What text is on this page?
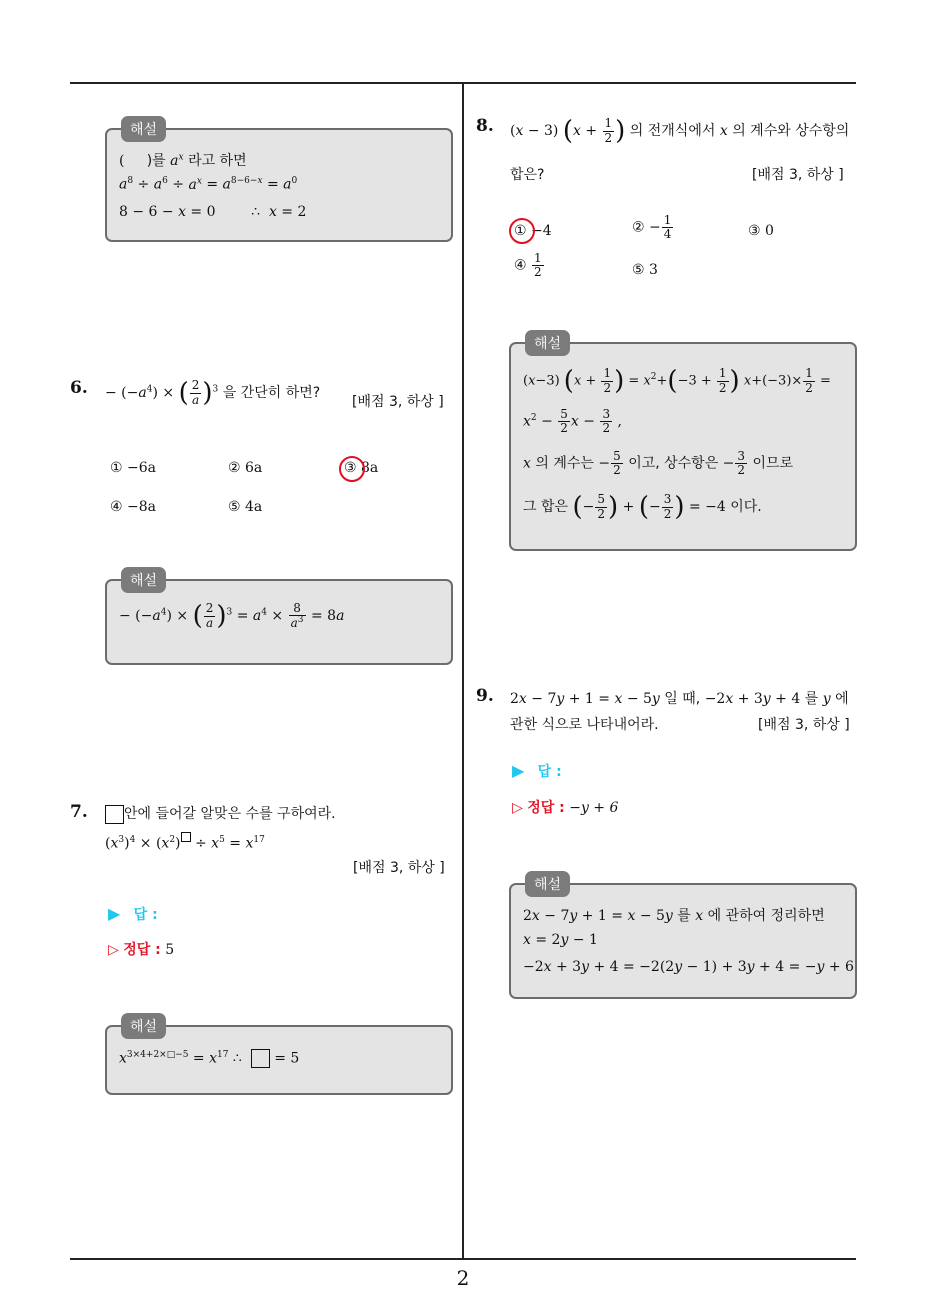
해설
(     )를 $a^x$ 라고 하면
$a^8 \div a^6 \div a^x = a^{8-6-x} = a^0$
8 − 6 − x = 0        ∴ x = 2
6. − $(-a^4)$ × ( $\frac{2}{a} )^3$ 을 간단히 하면?
[배점 3, 하상 ]
① −6a	② 6a	③ 8a
④ −8a	⑤ 4a
해설
− $(-a^4)$ × ( $\frac{2}{a} )^3 = a^4 \times \frac{8}{a^3} = 8a$
7.	안에 들어갈 알맞은 수를 구하여라.
$(x^3)^4 \times (x^2) \div x^5 = x^{17}$
[배점 3, 하상 ]
▶ 답 :
▷ 정답 : 5
해설
$x^{3\times 4+2\times□-5} = x^{17}$ ∴   = 5
8. (x − 3) ($x + \frac{1}{2}$ ) 의 전개식에서 x 의 계수와 상수항의
합은?	[배점 3, 하상 ]
① −4	② − $\frac{1}{4}$	③ 0
④ $\frac{1}{2}$	⑤ 3
해설
(x−3) ($x + \frac{1}{2}$ ) = $x^2+(-3 + \frac{1}{2}$ ) $x+(-3)\times \frac{1}{2}$ =
$x^2 - \frac{5}{2}$ $x - \frac{3}{2}$ ,
x 의 계수는 − $\frac{5}{2}$ 이고, 상수항은 − $\frac{3}{2}$ 이므로
그 합은 (− $\frac{5}{2}$ ) + (− $\frac{3}{2}$ ) = −4 이다.
9. 2x − 7y + 1 = x − 5y 일 때, −2x + 3y + 4 를 y 에
관한 식으로 나타내어라.	[배점 3, 하상 ]
▶ 답 :
▷ 정답 : −y + 6
해설
2x − 7y + 1 = x − 5y 를 x 에 관하여 정리하면
x = 2y − 1
−2x + 3y + 4 = −2(2y − 1) + 3y + 4 = −y + 6
2
